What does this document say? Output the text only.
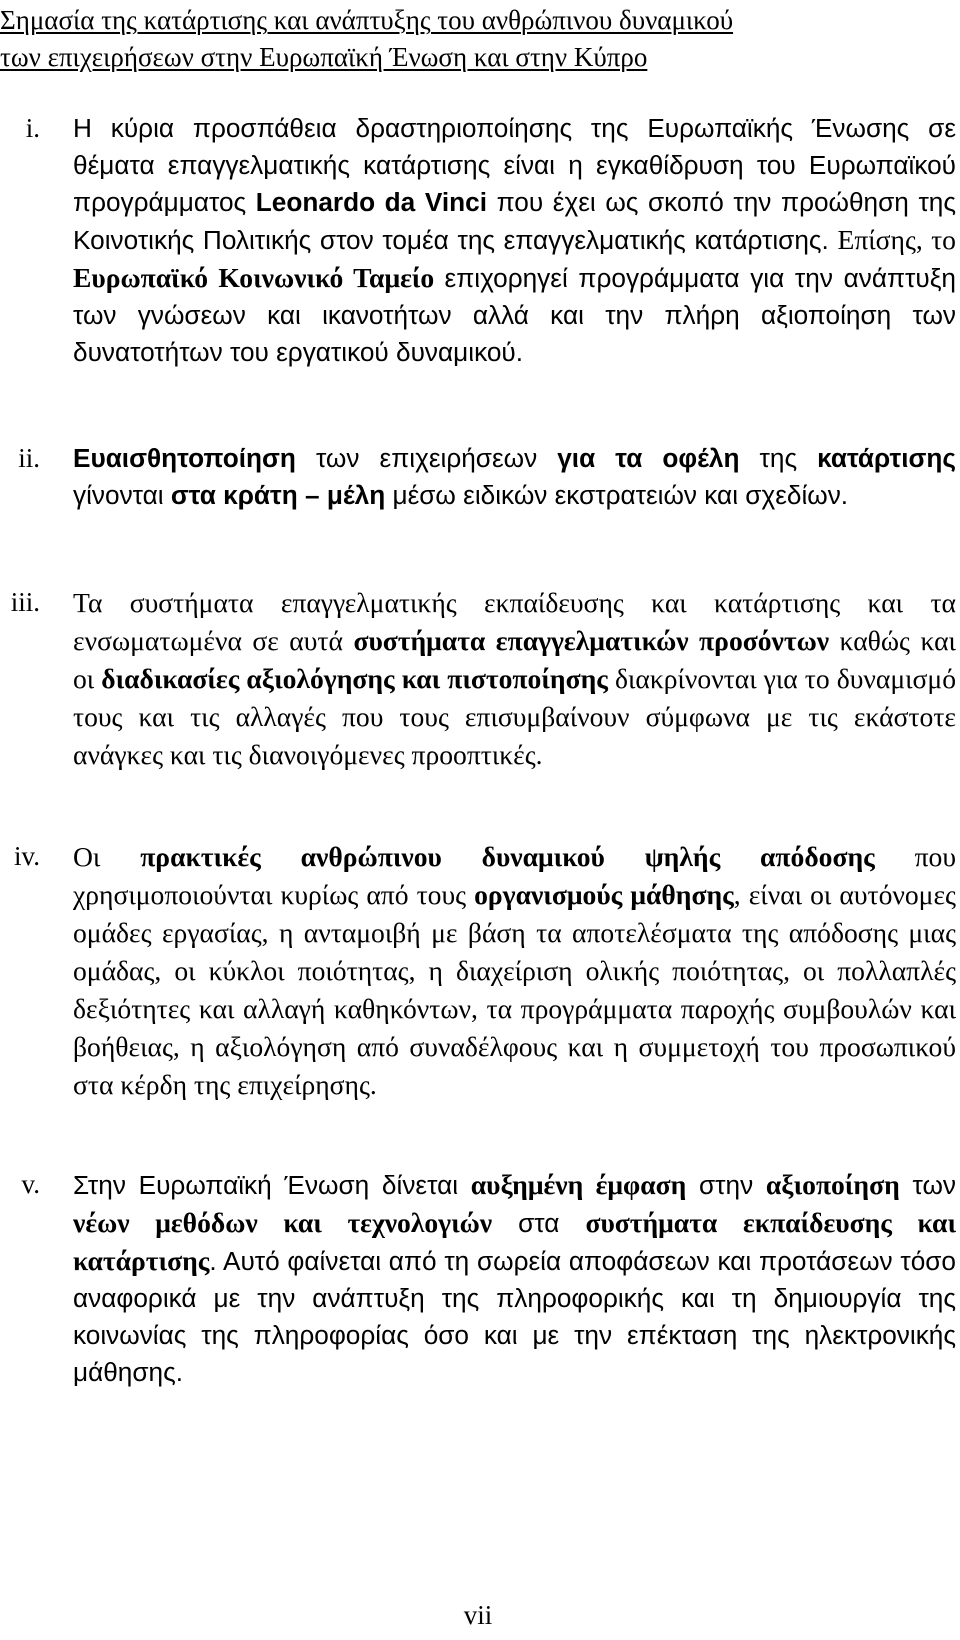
Σημασία της κατάρτισης και ανάπτυξης του ανθρώπινου δυναμικού
των επιχειρήσεων στην Ευρωπαϊκή Ένωση και στην Κύπρο
i. Η κύρια προσπάθεια δραστηριοποίησης της Ευρωπαϊκής Ένωσης σε θέματα επαγγελματικής κατάρτισης είναι η εγκαθίδρυση του Ευρωπαϊκού προγράμματος Leonardo da Vinci που έχει ως σκοπό την προώθηση της Κοινοτικής Πολιτικής στον τομέα της επαγγελματικής κατάρτισης. Επίσης, το Ευρωπαϊκό Κοινωνικό Ταμείο επιχορηγεί προγράμματα για την ανάπτυξη των γνώσεων και ικανοτήτων αλλά και την πλήρη αξιοποίηση των δυνατοτήτων του εργατικού δυναμικού.
ii. Ευαισθητοποίηση των επιχειρήσεων για τα οφέλη της κατάρτισης γίνονται στα κράτη – μέλη μέσω ειδικών εκστρατειών και σχεδίων.
iii. Τα συστήματα επαγγελματικής εκπαίδευσης και κατάρτισης και τα ενσωματωμένα σε αυτά συστήματα επαγγελματικών προσόντων καθώς και οι διαδικασίες αξιολόγησης και πιστοποίησης διακρίνονται για το δυναμισμό τους και τις αλλαγές που τους επισυμβαίνουν σύμφωνα με τις εκάστοτε ανάγκες και τις διανοιγόμενες προοπτικές.
iv. Οι πρακτικές ανθρώπινου δυναμικού ψηλής απόδοσης που χρησιμοποιούνται κυρίως από τους οργανισμούς μάθησης, είναι οι αυτόνομες ομάδες εργασίας, η ανταμοιβή με βάση τα αποτελέσματα της απόδοσης μιας ομάδας, οι κύκλοι ποιότητας, η διαχείριση ολικής ποιότητας, οι πολλαπλές δεξιότητες και αλλαγή καθηκόντων, τα προγράμματα παροχής συμβουλών και βοήθειας, η αξιολόγηση από συναδέλφους και η συμμετοχή του προσωπικού στα κέρδη της επιχείρησης.
v. Στην Ευρωπαϊκή Ένωση δίνεται αυξημένη έμφαση στην αξιοποίηση των νέων μεθόδων και τεχνολογιών στα συστήματα εκπαίδευσης και κατάρτισης. Αυτό φαίνεται από τη σωρεία αποφάσεων και προτάσεων τόσο αναφορικά με την ανάπτυξη της πληροφορικής και τη δημιουργία της κοινωνίας της πληροφορίας όσο και με την επέκταση της ηλεκτρονικής μάθησης.
vii
